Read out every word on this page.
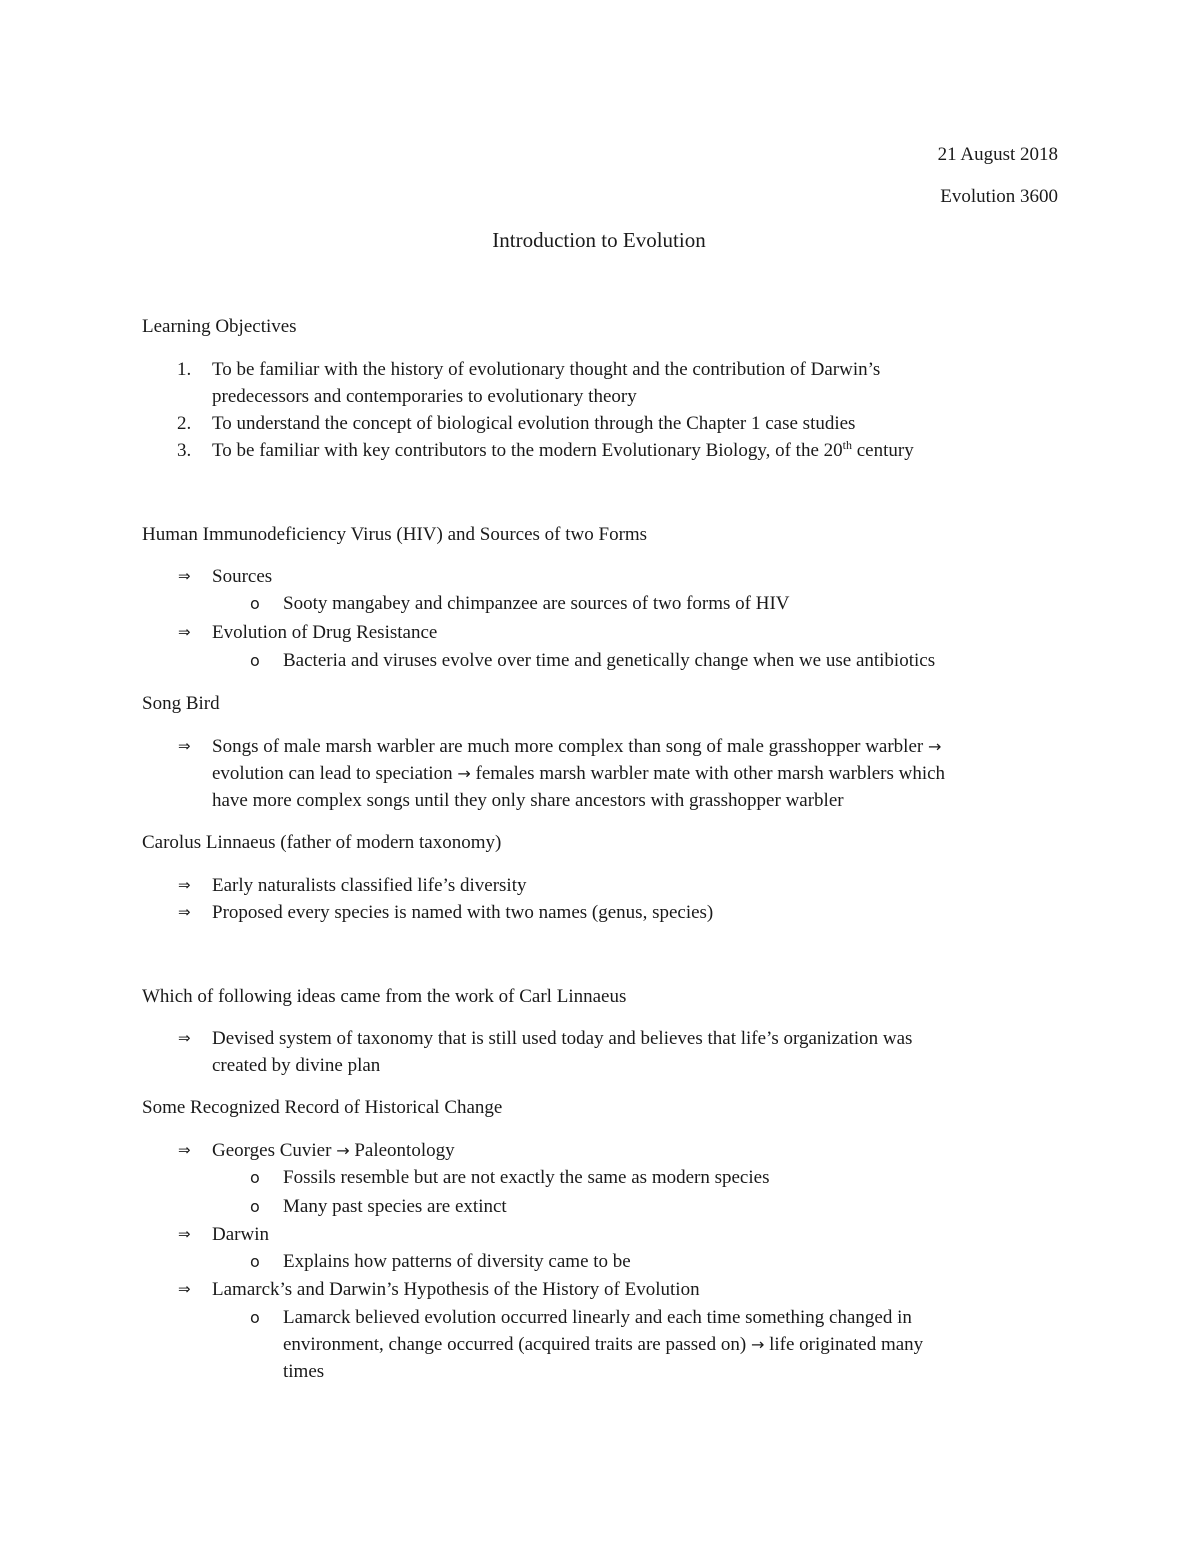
21 August 2018
Evolution 3600
Introduction to Evolution
Learning Objectives
1. To be familiar with the history of evolutionary thought and the contribution of Darwin’s
predecessors and contemporaries to evolutionary theory
2. To understand the concept of biological evolution through the Chapter 1 case studies
3. To be familiar with key contributors to the modern Evolutionary Biology, of the 20th century
Human Immunodeficiency Virus (HIV) and Sources of two Forms
⇒ Sources
o Sooty mangabey and chimpanzee are sources of two forms of HIV
⇒ Evolution of Drug Resistance
o Bacteria and viruses evolve over time and genetically change when we use antibiotics
Song Bird
⇒ Songs of male marsh warbler are much more complex than song of male grasshopper warbler →
evolution can lead to speciation → females marsh warbler mate with other marsh warblers which
have more complex songs until they only share ancestors with grasshopper warbler
Carolus Linnaeus (father of modern taxonomy)
⇒ Early naturalists classified life’s diversity
⇒ Proposed every species is named with two names (genus, species)
Which of following ideas came from the work of Carl Linnaeus
⇒ Devised system of taxonomy that is still used today and believes that life’s organization was
created by divine plan
Some Recognized Record of Historical Change
⇒ Georges Cuvier → Paleontology
o Fossils resemble but are not exactly the same as modern species
o Many past species are extinct
⇒ Darwin
o Explains how patterns of diversity came to be
⇒ Lamarck’s and Darwin’s Hypothesis of the History of Evolution
o Lamarck believed evolution occurred linearly and each time something changed in
environment, change occurred (acquired traits are passed on) → life originated many
times
